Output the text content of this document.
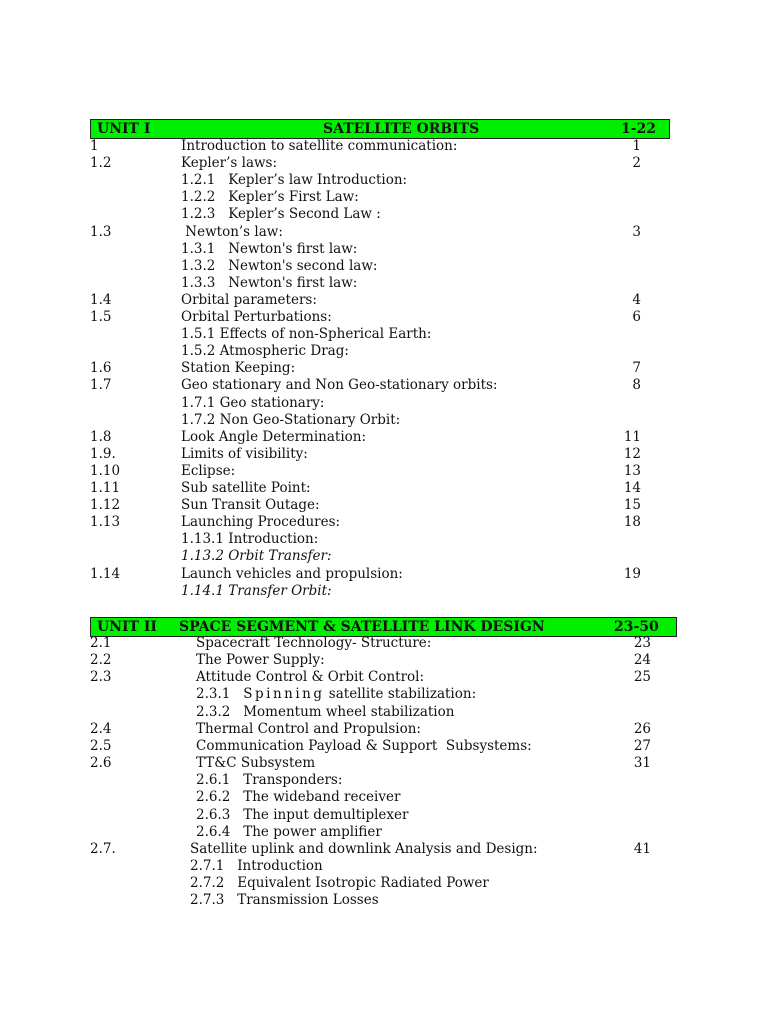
UNIT I	SATELLITE ORBITS	1-22
1	Introduction to satellite communication:	1
1.2	Kepler’s laws:	2
1.2.1   Kepler’s law Introduction:
1.2.2   Kepler’s First Law:
1.2.3   Kepler’s Second Law :
1.3	Newton’s law:	3
1.3.1   Newton's first law:
1.3.2   Newton's second law:
1.3.3   Newton's first law:
1.4	Orbital parameters:	4
1.5	Orbital Perturbations:	6
1.5.1 Effects of non-Spherical Earth:
1.5.2 Atmospheric Drag:
1.6	Station Keeping:	7
1.7	Geo stationary and Non Geo-stationary orbits:	8
1.7.1 Geo stationary:
1.7.2 Non Geo-Stationary Orbit:
1.8	Look Angle Determination:	11
1.9.	Limits of visibility:	12
1.10	Eclipse:	13
1.11	Sub satellite Point:	14
1.12	Sun Transit Outage:	15
1.13	Launching Procedures:	18
1.13.1 Introduction:
1.13.2 Orbit Transfer:
1.14	Launch vehicles and propulsion:	19
1.14.1 Transfer Orbit:
UNIT II SPACE SEGMENT & SATELLITE LINK DESIGN	23-50
2.1	Spacecraft Technology- Structure:	23
2.2	The Power Supply:	24
2.3	Attitude Control & Orbit Control:	25
2.3.1   Spinning satellite stabilization:
2.3.2   Momentum wheel stabilization
2.4	Thermal Control and Propulsion:	26
2.5	Communication Payload & Support  Subsystems:	27
2.6	TT&C Subsystem	31
2.6.1   Transponders:
2.6.2   The wideband receiver
2.6.3   The input demultiplexer
2.6.4   The power amplifier
2.7.	Satellite uplink and downlink Analysis and Design:	41
2.7.1   Introduction
2.7.2   Equivalent Isotropic Radiated Power
2.7.3   Transmission Losses
